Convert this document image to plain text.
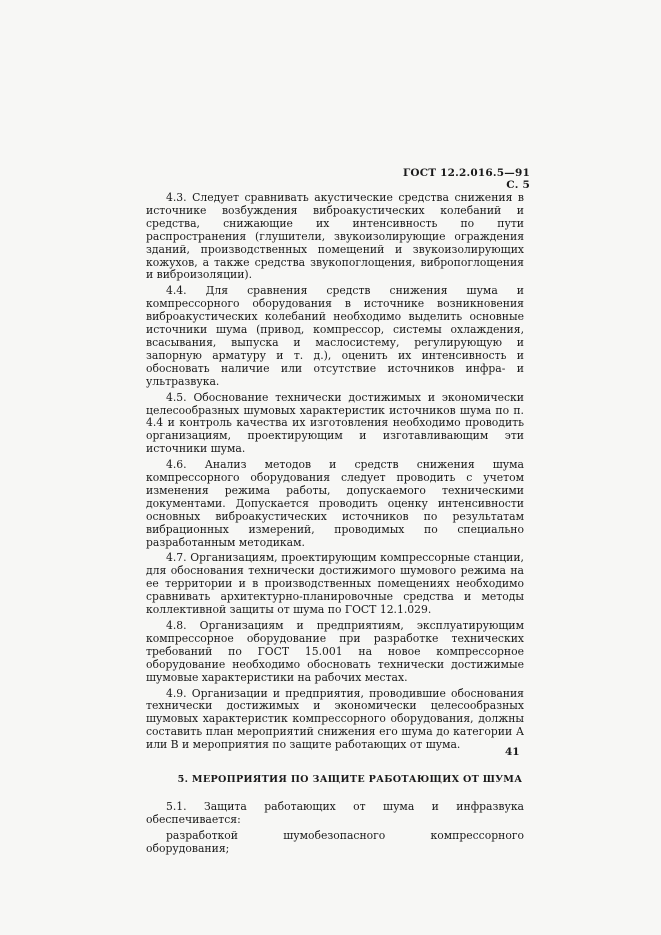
ГОСТ 12.2.016.5—91 С. 5

4.3. Следует сравнивать акустические средства снижения в источнике возбуждения виброакустических колебаний и средства, снижающие их интенсивность по пути распространения (глушители, звукоизолирующие ограждения зданий, производственных помещений и звукоизолирующих кожухов, а также средства звукопоглощения, вибропоглощения и виброизоляции).

4.4. Для сравнения средств снижения шума и компрессорного оборудования в источнике возникновения виброакустических колебаний необходимо выделить основные источники шума (привод, компрессор, системы охлаждения, всасывания, выпуска и маслосистему, регулирующую и запорную арматуру и т. д.), оценить их интенсивность и обосновать наличие или отсутствие источников инфра- и ультразвука.

4.5. Обоснование технически достижимых и экономически целесообразных шумовых характеристик источников шума по п. 4.4 и контроль качества их изготовления необходимо проводить организациям, проектирующим и изготавливающим эти источники шума.

4.6. Анализ методов и средств снижения шума компрессорного оборудования следует проводить с учетом изменения режима работы, допускаемого техническими документами. Допускается проводить оценку интенсивности основных виброакустических источников по результатам вибрационных измерений, проводимых по специально разработанным методикам.

4.7. Организациям, проектирующим компрессорные станции, для обоснования технически достижимого шумового режима на ее территории и в производственных помещениях необходимо сравнивать архитектурно-планировочные средства и методы коллективной защиты от шума по ГОСТ 12.1.029.

4.8. Организациям и предприятиям, эксплуатирующим компрессорное оборудование при разработке технических требований по ГОСТ 15.001 на новое компрессорное оборудование необходимо обосновать технически достижимые шумовые характеристики на рабочих местах.

4.9. Организации и предприятия, проводившие обоснования технически достижимых и экономически целесообразных шумовых характеристик компрессорного оборудования, должны составить план мероприятий снижения его шума до категории А или В и мероприятия по защите работающих от шума.

5. МЕРОПРИЯТИЯ ПО ЗАЩИТЕ РАБОТАЮЩИХ ОТ ШУМА

5.1. Защита работающих от шума и инфразвука обеспечивается:

разработкой шумобезопасного компрессорного оборудования;

41
